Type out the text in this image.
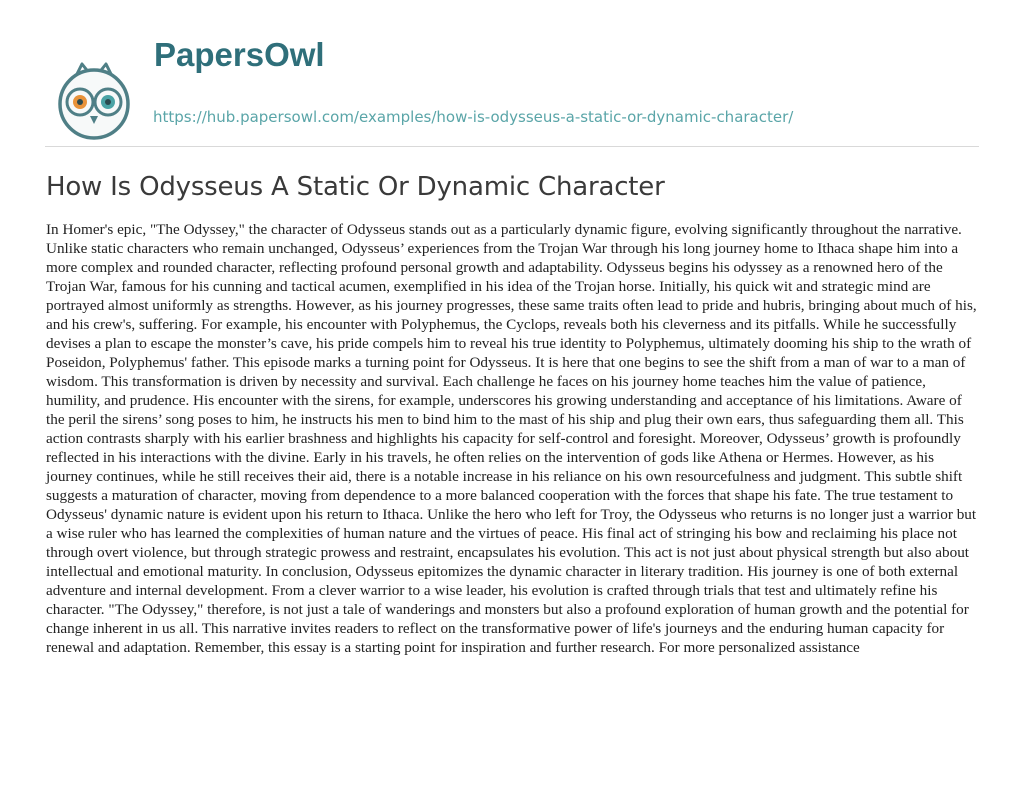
PapersOwl
https://hub.papersowl.com/examples/how-is-odysseus-a-static-or-dynamic-character/
How Is Odysseus A Static Or Dynamic Character

In Homer's epic, "The Odyssey," the character of Odysseus stands out as a particularly dynamic figure, evolving significantly throughout the narrative. Unlike static characters who remain unchanged, Odysseus’ experiences from the Trojan War through his long journey home to Ithaca shape him into a more complex and rounded character, reflecting profound personal growth and adaptability. Odysseus begins his odyssey as a renowned hero of the Trojan War, famous for his cunning and tactical acumen, exemplified in his idea of the Trojan horse. Initially, his quick wit and strategic mind are portrayed almost uniformly as strengths. However, as his journey progresses, these same traits often lead to pride and hubris, bringing about much of his, and his crew's, suffering. For example, his encounter with Polyphemus, the Cyclops, reveals both his cleverness and its pitfalls. While he successfully devises a plan to escape the monster’s cave, his pride compels him to reveal his true identity to Polyphemus, ultimately dooming his ship to the wrath of Poseidon, Polyphemus' father. This episode marks a turning point for Odysseus. It is here that one begins to see the shift from a man of war to a man of wisdom. This transformation is driven by necessity and survival. Each challenge he faces on his journey home teaches him the value of patience, humility, and prudence. His encounter with the sirens, for example, underscores his growing understanding and acceptance of his limitations. Aware of the peril the sirens’ song poses to him, he instructs his men to bind him to the mast of his ship and plug their own ears, thus safeguarding them all. This action contrasts sharply with his earlier brashness and highlights his capacity for self-control and foresight. Moreover, Odysseus’ growth is profoundly reflected in his interactions with the divine. Early in his travels, he often relies on the intervention of gods like Athena or Hermes. However, as his journey continues, while he still receives their aid, there is a notable increase in his reliance on his own resourcefulness and judgment. This subtle shift suggests a maturation of character, moving from dependence to a more balanced cooperation with the forces that shape his fate. The true testament to Odysseus' dynamic nature is evident upon his return to Ithaca. Unlike the hero who left for Troy, the Odysseus who returns is no longer just a warrior but a wise ruler who has learned the complexities of human nature and the virtues of peace. His final act of stringing his bow and reclaiming his place not through overt violence, but through strategic prowess and restraint, encapsulates his evolution. This act is not just about physical strength but also about intellectual and emotional maturity. In conclusion, Odysseus epitomizes the dynamic character in literary tradition. His journey is one of both external adventure and internal development. From a clever warrior to a wise leader, his evolution is crafted through trials that test and ultimately refine his character. "The Odyssey," therefore, is not just a tale of wanderings and monsters but also a profound exploration of human growth and the potential for change inherent in us all. This narrative invites readers to reflect on the transformative power of life's journeys and the enduring human capacity for renewal and adaptation. Remember, this essay is a starting point for inspiration and further research. For more personalized assistance
